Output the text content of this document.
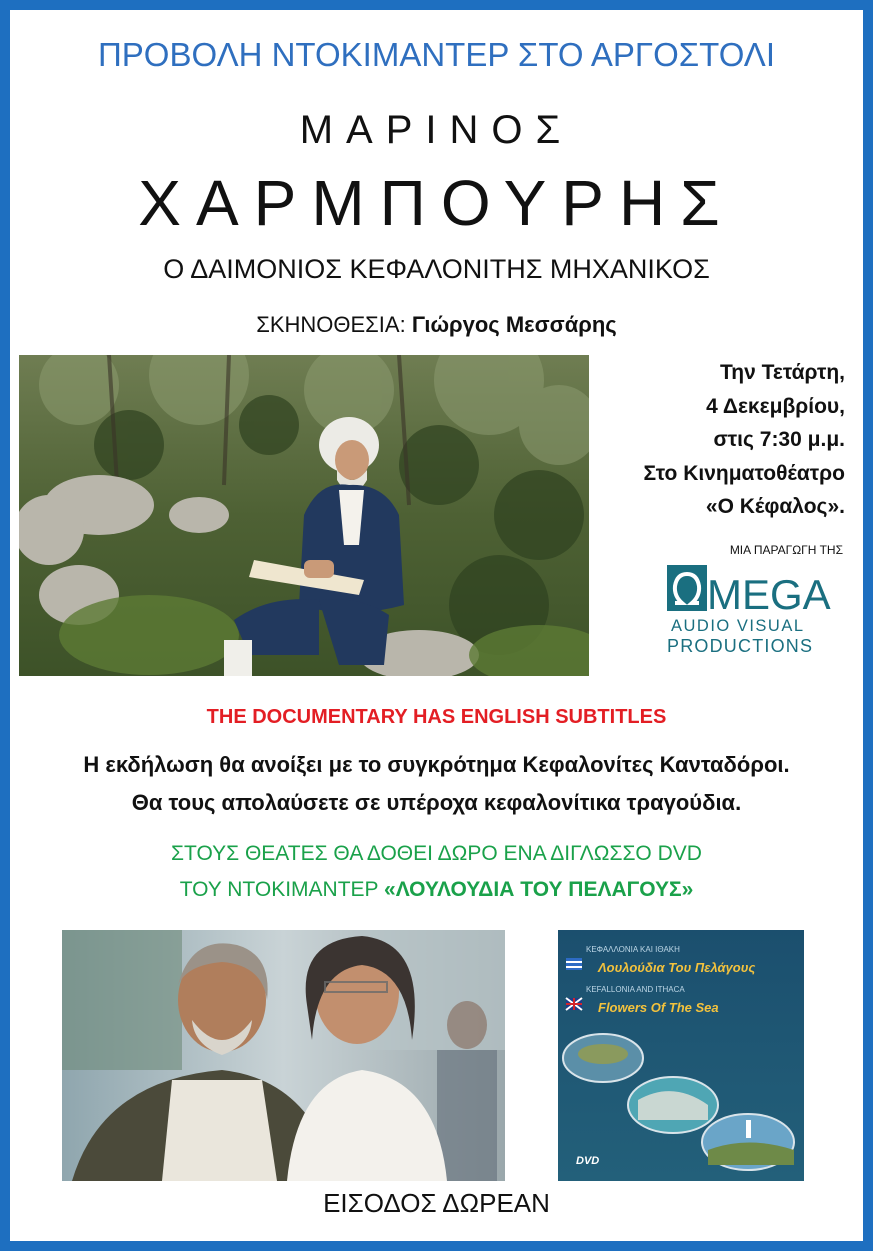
ΠΡΟΒΟΛΗ ΝΤΟΚΙΜΑΝΤΕΡ ΣΤΟ ΑΡΓΟΣΤΟΛΙ
ΜΑΡΙΝΟΣ
ΧΑΡΜΠΟΥΡΗΣ
Ο ΔΑΙΜΟΝΙΟΣ ΚΕΦΑΛΟΝΙΤΗΣ ΜΗΧΑΝΙΚΟΣ
ΣΚΗΝΟΘΕΣΙΑ: Γιώργος Μεσσάρης
Την Τετάρτη,
4 Δεκεμβρίου,
στις 7:30 μ.μ.
Στο Κινηματοθέατρο
«Ο Κέφαλος».
ΜΙΑ ΠΑΡΑΓΩΓΗ ΤΗΣ
MEGA
AUDIO VISUAL
PRODUCTIONS
THE DOCUMENTARY HAS ENGLISH SUBTITLES
Η εκδήλωση θα ανοίξει με το συγκρότημα Κεφαλονίτες Κανταδόροι.
Θα τους απολαύσετε σε υπέροχα κεφαλονίτικα τραγούδια.
ΣΤΟΥΣ ΘΕΑΤΕΣ ΘΑ ΔΟΘΕΙ ΔΩΡΟ ΕΝΑ ΔΙΓΛΩΣΣΟ DVD
ΤΟΥ ΝΤΟΚΙΜΑΝΤΕΡ «ΛΟΥΛΟΥΔΙΑ ΤΟΥ ΠΕΛΑΓΟΥΣ»
ΚΕΦΑΛΛΟΝΙΑ ΚΑΙ ΙΘΑΚΗ
Λουλούδια Του Πελάγους
KEFALLONIA AND ITHACA
Flowers Of The Sea
DVD
ΕΙΣΟΔΟΣ ΔΩΡΕΑΝ
